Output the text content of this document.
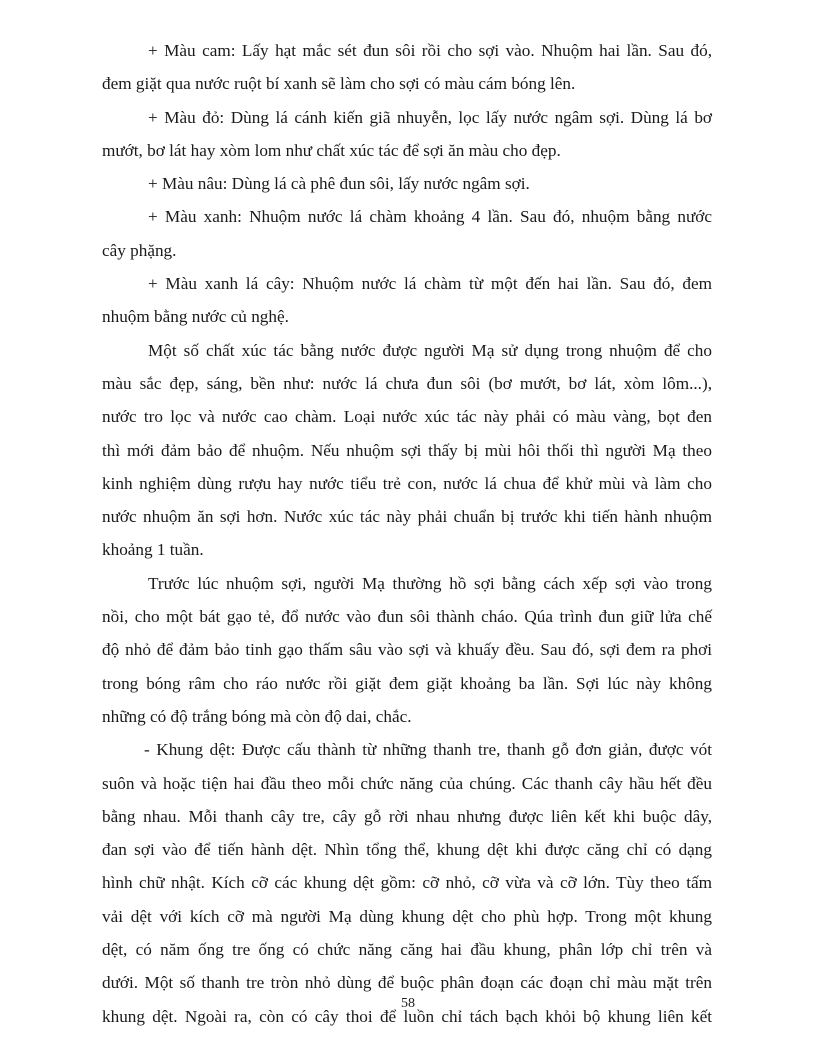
+ Màu cam: Lấy hạt mắc sét đun sôi rồi cho sợi vào. Nhuộm hai lần. Sau đó,
đem giặt qua nước ruột bí xanh sẽ làm cho sợi có màu cám bóng lên.
+ Màu đỏ: Dùng lá cánh kiến giã nhuyễn, lọc lấy nước ngâm sợi. Dùng lá bơ
mướt, bơ lát hay xòm lom như chất xúc tác để sợi ăn màu cho đẹp.
+ Màu nâu: Dùng lá cà phê đun sôi, lấy nước ngâm sợi.
+ Màu xanh: Nhuộm nước lá chàm khoảng 4 lần. Sau đó, nhuộm bằng nước
cây phặng.
+ Màu xanh lá cây: Nhuộm nước lá chàm từ một đến hai lần. Sau đó, đem
nhuộm bằng nước củ nghệ.
Một số chất xúc tác bằng nước được người Mạ sử dụng trong nhuộm để cho
màu sắc đẹp, sáng, bền như: nước lá chưa đun sôi (bơ mướt, bơ lát, xòm lôm...),
nước tro lọc và nước cao chàm. Loại nước xúc tác này phải có màu vàng, bọt đen
thì mới đảm bảo để nhuộm. Nếu nhuộm sợi thấy bị mùi hôi thối thì người Mạ theo
kinh nghiệm dùng rượu hay nước tiểu trẻ con, nước lá chua để khử mùi và làm cho
nước nhuộm ăn sợi hơn. Nước xúc tác này phải chuẩn bị trước khi tiến hành nhuộm
khoảng 1 tuần.
Trước lúc nhuộm sợi, người Mạ thường hồ sợi bằng cách xếp sợi vào trong
nồi, cho một bát gạo tẻ, đổ nước vào đun sôi thành cháo. Qúa trình đun giữ lửa chế
độ nhỏ để đảm bảo tinh gạo thấm sâu vào sợi và khuấy đều. Sau đó, sợi đem ra phơi
trong bóng râm cho ráo nước rồi giặt đem giặt khoảng ba lần. Sợi lúc này không
những có độ trắng bóng mà còn độ dai, chắc.
- Khung dệt: Được cấu thành từ những thanh tre, thanh gỗ đơn giản, được vót
suôn và hoặc tiện hai đầu theo mỗi chức năng của chúng. Các thanh cây hầu hết đều
bằng nhau. Mỗi thanh cây tre, cây gỗ rời nhau nhưng được liên kết khi buộc dây,
đan sợi vào để tiến hành dệt. Nhìn tổng thể, khung dệt khi được căng chỉ có dạng
hình chữ nhật. Kích cỡ các khung dệt gồm: cỡ nhỏ, cỡ vừa và cỡ lớn. Tùy theo tấm
vải dệt với kích cỡ mà người Mạ dùng khung dệt cho phù hợp. Trong một khung
dệt, có năm ống tre ống có chức năng căng hai đầu khung, phân lớp chỉ trên và
dưới. Một số thanh tre tròn nhỏ dùng để buộc phân đoạn các đoạn chỉ màu mặt trên
khung dệt. Ngoài ra, còn có cây thoi để luồn chỉ tách bạch khỏi bộ khung liên kết
58
